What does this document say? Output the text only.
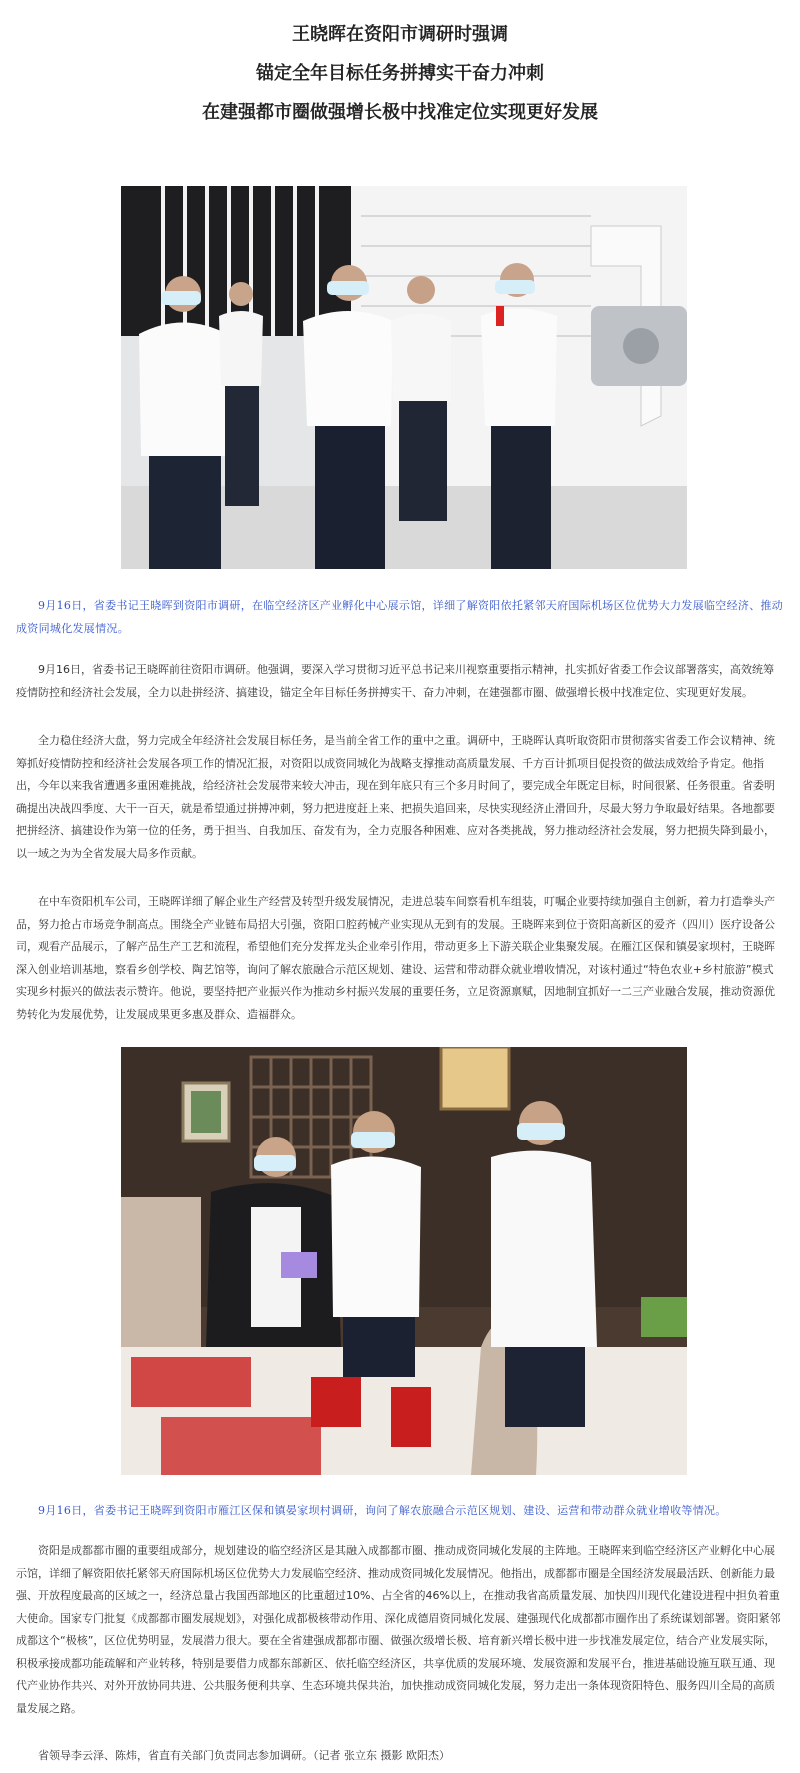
王晓晖在资阳市调研时强调
锚定全年目标任务拼搏实干奋力冲刺
在建强都市圈做强增长极中找准定位实现更好发展
9月16日，省委书记王晓晖到资阳市调研，在临空经济区产业孵化中心展示馆，详细了解资阳依托紧邻天府国际机场区位优势大力发展临空经济、推动成资同城化发展情况。

9月16日，省委书记王晓晖前往资阳市调研。他强调，要深入学习贯彻习近平总书记来川视察重要指示精神，扎实抓好省委工作会议部署落实，高效统筹疫情防控和经济社会发展，全力以赴拼经济、搞建设，锚定全年目标任务拼搏实干、奋力冲刺，在建强都市圈、做强增长极中找准定位、实现更好发展。

全力稳住经济大盘，努力完成全年经济社会发展目标任务，是当前全省工作的重中之重。调研中，王晓晖认真听取资阳市贯彻落实省委工作会议精神、统筹抓好疫情防控和经济社会发展各项工作的情况汇报，对资阳以成资同城化为战略支撑推动高质量发展、千方百计抓项目促投资的做法成效给予肯定。他指出，今年以来我省遭遇多重困难挑战，给经济社会发展带来较大冲击，现在到年底只有三个多月时间了，要完成全年既定目标，时间很紧、任务很重。省委明确提出决战四季度、大干一百天，就是希望通过拼搏冲刺，努力把进度赶上来、把损失追回来，尽快实现经济止滑回升，尽最大努力争取最好结果。各地都要把拼经济、搞建设作为第一位的任务，勇于担当、自我加压、奋发有为，全力克服各种困难、应对各类挑战，努力推动经济社会发展，努力把损失降到最小，以一域之为为全省发展大局多作贡献。

在中车资阳机车公司，王晓晖详细了解企业生产经营及转型升级发展情况，走进总装车间察看机车组装，叮嘱企业要持续加强自主创新，着力打造拳头产品，努力抢占市场竞争制高点。围绕全产业链布局招大引强，资阳口腔药械产业实现从无到有的发展。王晓晖来到位于资阳高新区的爱齐（四川）医疗设备公司，观看产品展示，了解产品生产工艺和流程，希望他们充分发挥龙头企业牵引作用，带动更多上下游关联企业集聚发展。在雁江区保和镇晏家坝村，王晓晖深入创业培训基地，察看乡创学校、陶艺馆等，询问了解农旅融合示范区规划、建设、运营和带动群众就业增收情况，对该村通过“特色农业+乡村旅游”模式实现乡村振兴的做法表示赞许。他说，要坚持把产业振兴作为推动乡村振兴发展的重要任务，立足资源禀赋，因地制宜抓好一二三产业融合发展，推动资源优势转化为发展优势，让发展成果更多惠及群众、造福群众。

9月16日，省委书记王晓晖到资阳市雁江区保和镇晏家坝村调研，询问了解农旅融合示范区规划、建设、运营和带动群众就业增收等情况。

资阳是成都都市圈的重要组成部分，规划建设的临空经济区是其融入成都都市圈、推动成资同城化发展的主阵地。王晓晖来到临空经济区产业孵化中心展示馆，详细了解资阳依托紧邻天府国际机场区位优势大力发展临空经济、推动成资同城化发展情况。他指出，成都都市圈是全国经济发展最活跃、创新能力最强、开放程度最高的区域之一，经济总量占我国西部地区的比重超过10%、占全省的46%以上，在推动我省高质量发展、加快四川现代化建设进程中担负着重大使命。国家专门批复《成都都市圈发展规划》，对强化成都极核带动作用、深化成德眉资同城化发展、建强现代化成都都市圈作出了系统谋划部署。资阳紧邻成都这个“极核”，区位优势明显，发展潜力很大。要在全省建强成都都市圈、做强次级增长极、培育新兴增长极中进一步找准发展定位，结合产业发展实际，积极承接成都功能疏解和产业转移，特别是要借力成都东部新区、依托临空经济区，共享优质的发展环境、发展资源和发展平台，推进基础设施互联互通、现代产业协作共兴、对外开放协同共进、公共服务便利共享、生态环境共保共治，加快推动成资同城化发展，努力走出一条体现资阳特色、服务四川全局的高质量发展之路。

省领导李云泽、陈炜，省直有关部门负责同志参加调研。（记者 张立东 摄影 欧阳杰）
